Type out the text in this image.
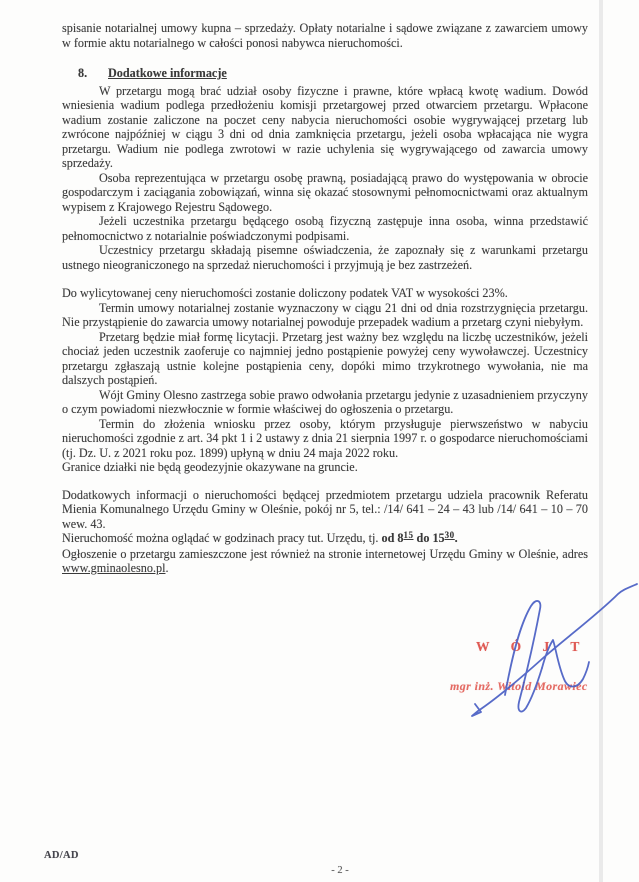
spisanie notarialnej umowy kupna – sprzedaży. Opłaty notarialne i sądowe związane z zawarciem umowy w formie aktu notarialnego w całości ponosi nabywca nieruchomości.

8. Dodatkowe informacje

W przetargu mogą brać udział osoby fizyczne i prawne, które wpłacą kwotę wadium. Dowód wniesienia wadium podlega przedłożeniu komisji przetargowej przed otwarciem przetargu. Wpłacone wadium zostanie zaliczone na poczet ceny nabycia nieruchomości osobie wygrywającej przetarg lub zwrócone najpóźniej w ciągu 3 dni od dnia zamknięcia przetargu, jeżeli osoba wpłacająca nie wygra przetargu. Wadium nie podlega zwrotowi w razie uchylenia się wygrywającego od zawarcia umowy sprzedaży.

Osoba reprezentująca w przetargu osobę prawną, posiadającą prawo do występowania w obrocie gospodarczym i zaciągania zobowiązań, winna się okazać stosownymi pełnomocnictwami oraz aktualnym wypisem z Krajowego Rejestru Sądowego.

Jeżeli uczestnika przetargu będącego osobą fizyczną zastępuje inna osoba, winna przedstawić pełnomocnictwo z notarialnie poświadczonymi podpisami.

Uczestnicy przetargu składają pisemne oświadczenia, że zapoznały się z warunkami przetargu ustnego nieograniczonego na sprzedaż nieruchomości i przyjmują je bez zastrzeżeń.

Do wylicytowanej ceny nieruchomości zostanie doliczony podatek VAT w wysokości 23%.

Termin umowy notarialnej zostanie wyznaczony w ciągu 21 dni od dnia rozstrzygnięcia przetargu. Nie przystąpienie do zawarcia umowy notarialnej powoduje przepadek wadium a przetarg czyni niebyłym.

Przetarg będzie miał formę licytacji. Przetarg jest ważny bez względu na liczbę uczestników, jeżeli chociaż jeden uczestnik zaoferuje co najmniej jedno postąpienie powyżej ceny wywoławczej. Uczestnicy przetargu zgłaszają ustnie kolejne postąpienia ceny, dopóki mimo trzykrotnego wywołania, nie ma dalszych postąpień.

Wójt Gminy Olesno zastrzega sobie prawo odwołania przetargu jedynie z uzasadnieniem przyczyny o czym powiadomi niezwłocznie w formie właściwej do ogłoszenia o przetargu.

Termin do złożenia wniosku przez osoby, którym przysługuje pierwszeństwo w nabyciu nieruchomości zgodnie z art. 34 pkt 1 i 2 ustawy z dnia 21 sierpnia 1997 r. o gospodarce nieruchomościami (tj. Dz. U. z 2021 roku poz. 1899) upłyną w dniu 24 maja 2022 roku.

Granice działki nie będą geodezyjnie okazywane na gruncie.

Dodatkowych informacji o nieruchomości będącej przedmiotem przetargu udziela pracownik Referatu Mienia Komunalnego Urzędu Gminy w Oleśnie, pokój nr 5, tel.: /14/ 641 – 24 – 43 lub /14/ 641 – 10 – 70 wew. 43.

Nieruchomość można oglądać w godzinach pracy tut. Urzędu, tj. od $8^{15}$ do $15^{30}$.

Ogłoszenie o przetargu zamieszczone jest również na stronie internetowej Urzędu Gminy w Oleśnie, adres www.gminaolesno.pl.

W Ó J T
mgr inż. Witold Morawiec
AD/AD
- 2 -
